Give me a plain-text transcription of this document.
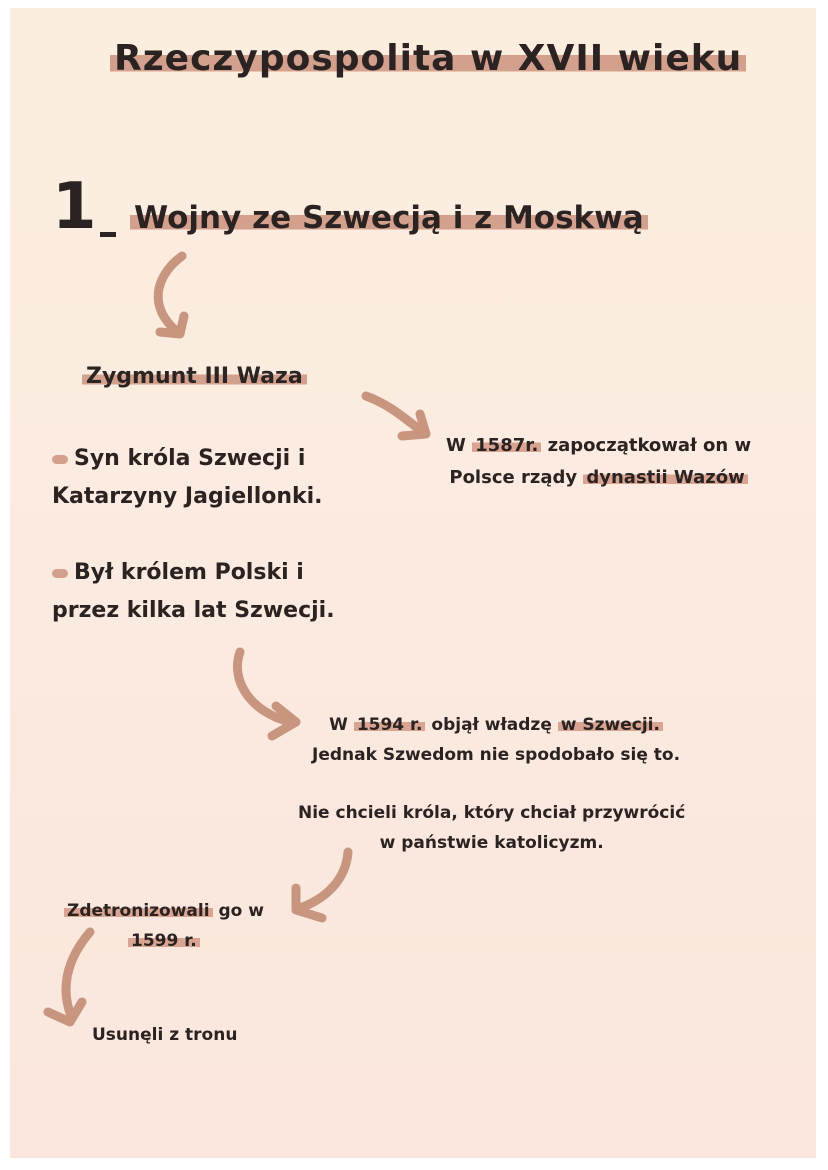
Rzeczypospolita w XVII wieku
1 Wojny ze Szwecją i z Moskwą
Zygmunt III Waza
Syn króla Szwecji i
Katarzyny Jagiellonki.
Był królem Polski i
przez kilka lat Szwecji.
W 1587r. zapoczątkował on w
Polsce rządy dynastii Wazów
W 1594 r. objął władzę w Szwecji.
Jednak Szwedom nie spodobało się to.
Nie chcieli króla, który chciał przywrócić
w państwie katolicyzm.
Zdetronizowali go w
1599 r.
Usunęli z tronu
